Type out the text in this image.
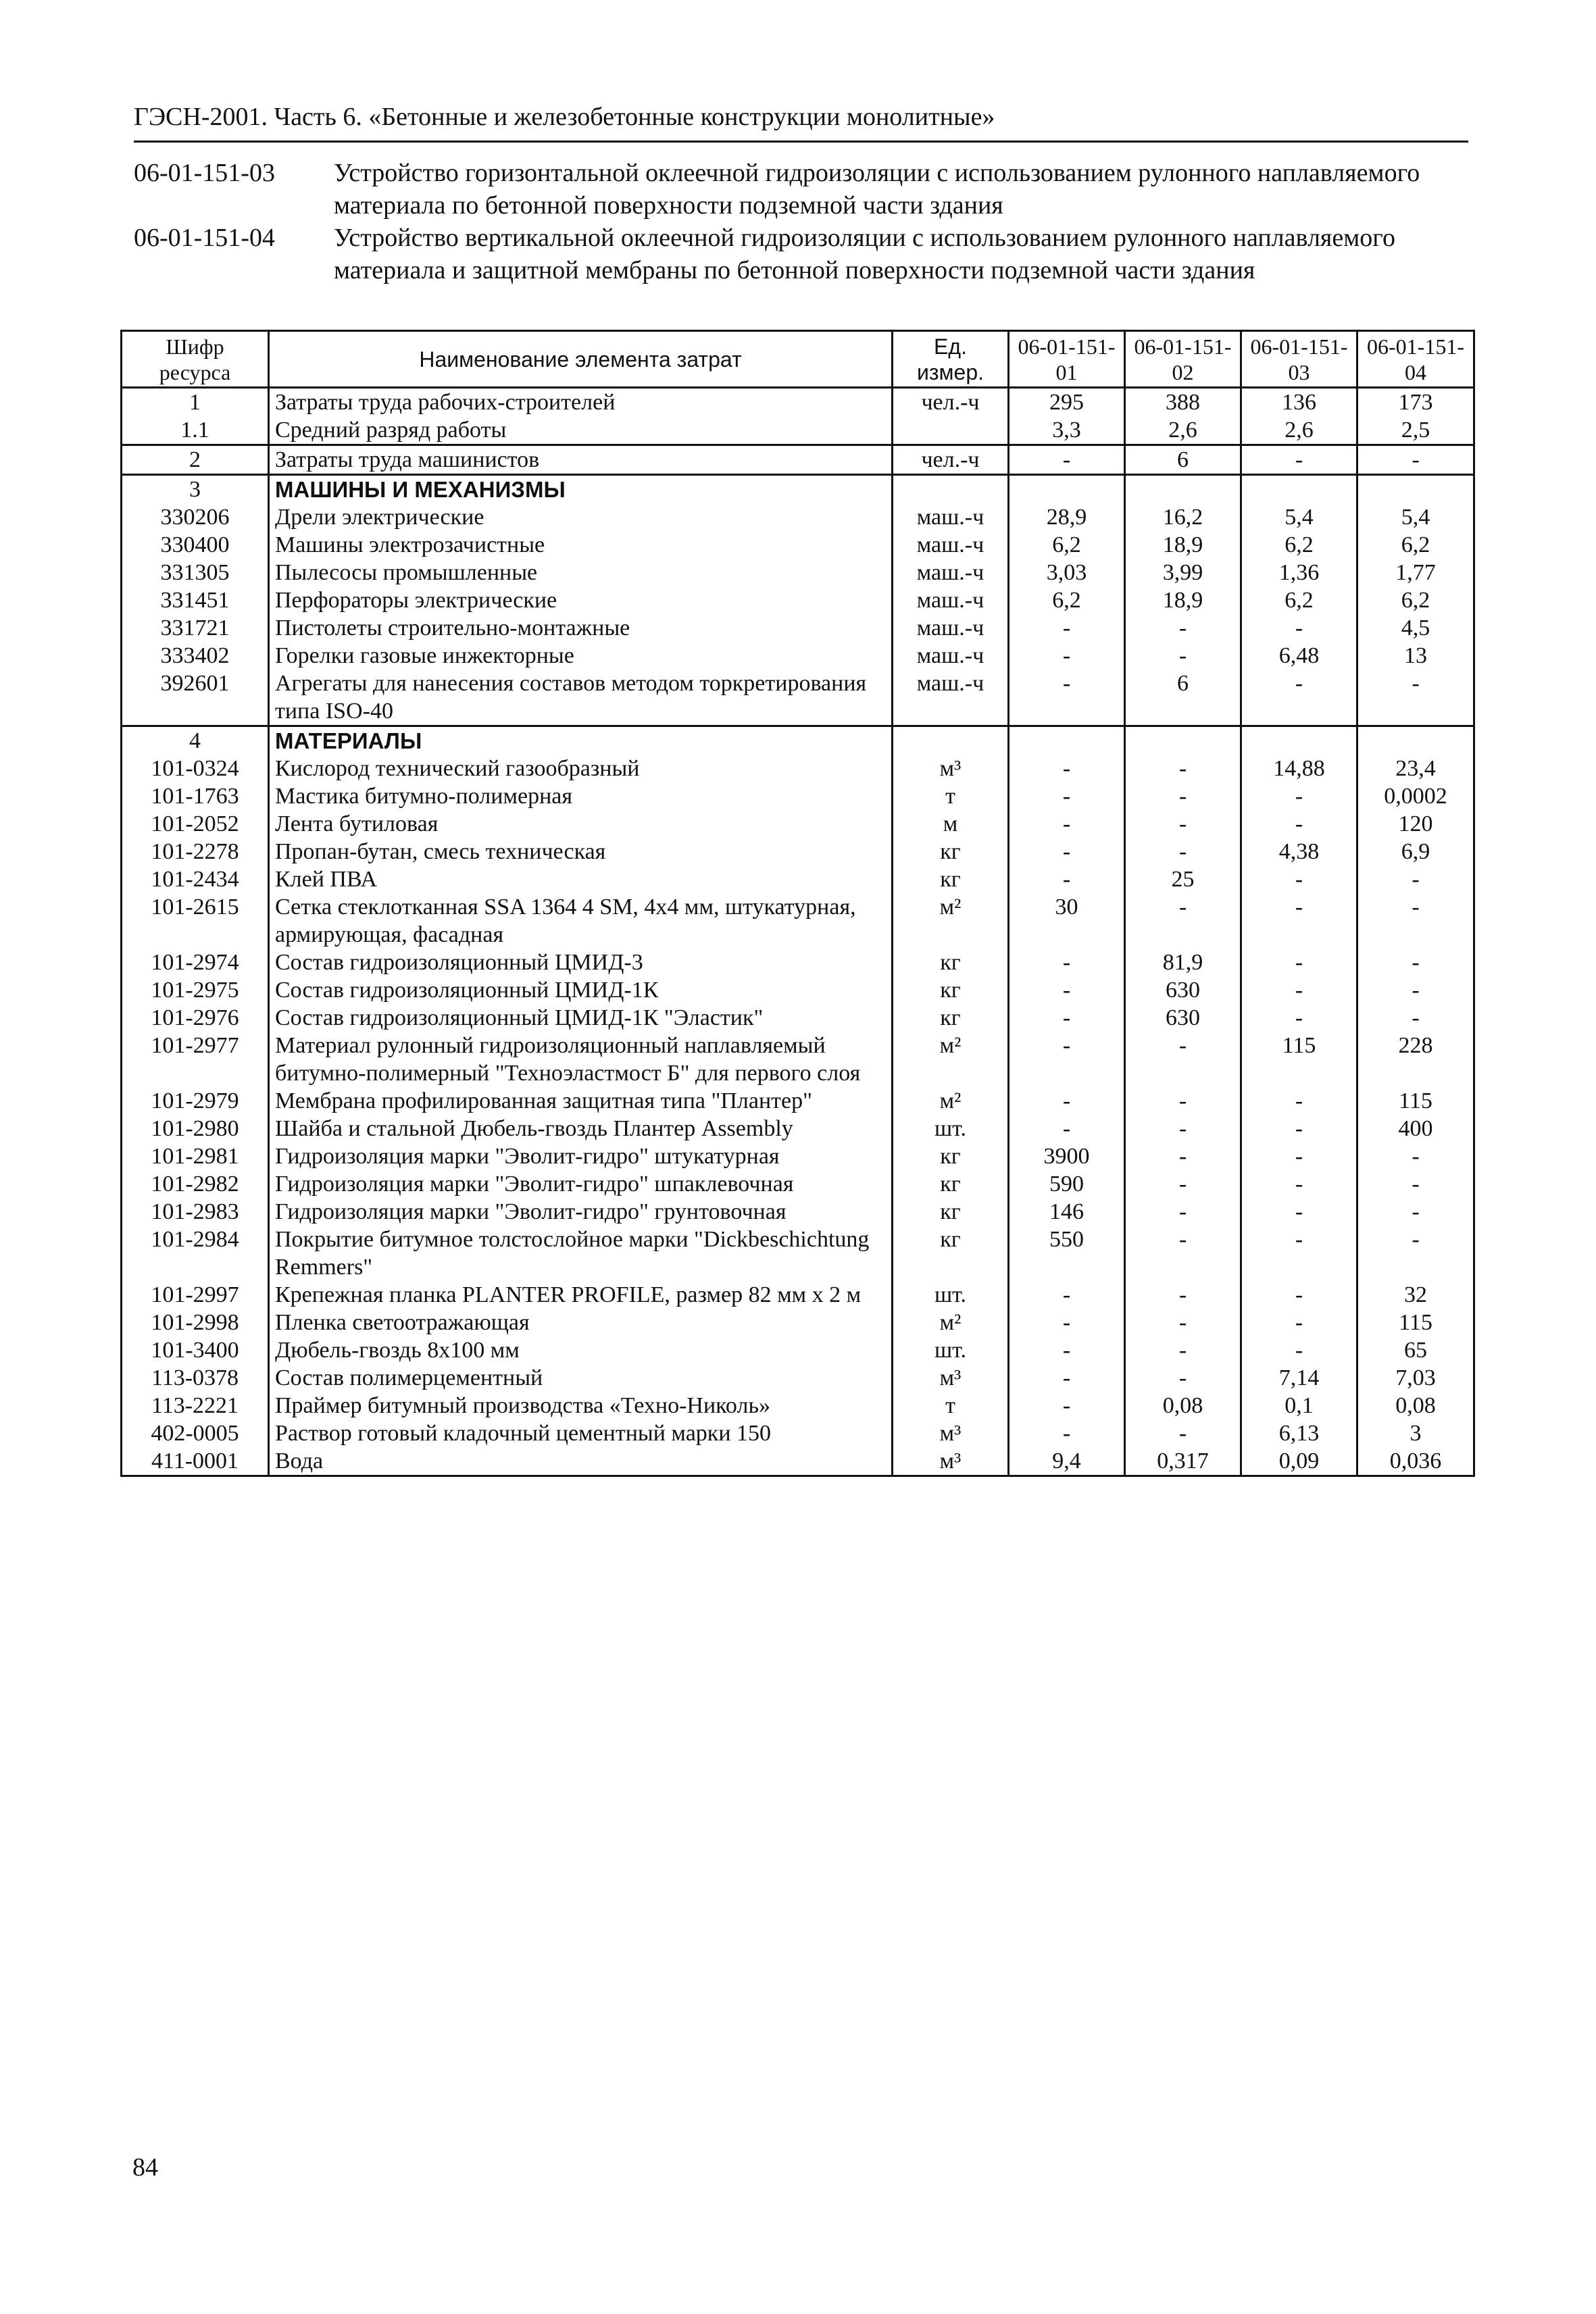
ГЭСН-2001. Часть 6. «Бетонные и железобетонные конструкции монолитные»
06-01-151-03	Устройство горизонтальной оклеечной гидроизоляции с использованием рулонного наплавляемого материала по бетонной поверхности подземной части здания
06-01-151-04	Устройство вертикальной оклеечной гидроизоляции с использованием рулонного наплавляемого материала и защитной мембраны по бетонной поверхности подземной части здания
Шифр ресурса	Наименование элемента затрат	Ед. измер.	06-01-151-01	06-01-151-02	06-01-151-03	06-01-151-04
1	Затраты труда рабочих-строителей	чел.-ч	295	388	136	173
1.1	Средний разряд работы		3,3	2,6	2,6	2,5
2	Затраты труда машинистов	чел.-ч	-	6	-	-
3	МАШИНЫ И МЕХАНИЗМЫ					
330206	Дрели электрические	маш.-ч	28,9	16,2	5,4	5,4
330400	Машины электрозачистные	маш.-ч	6,2	18,9	6,2	6,2
331305	Пылесосы промышленные	маш.-ч	3,03	3,99	1,36	1,77
331451	Перфораторы электрические	маш.-ч	6,2	18,9	6,2	6,2
331721	Пистолеты строительно-монтажные	маш.-ч	-	-	-	4,5
333402	Горелки газовые инжекторные	маш.-ч	-	-	6,48	13
392601	Агрегаты для нанесения составов методом торкретирования типа ISO-40	маш.-ч	-	6	-	-
4	МАТЕРИАЛЫ					
101-0324	Кислород технический газообразный	м³	-	-	14,88	23,4
101-1763	Мастика битумно-полимерная	т	-	-	-	0,0002
101-2052	Лента бутиловая	м	-	-	-	120
101-2278	Пропан-бутан, смесь техническая	кг	-	-	4,38	6,9
101-2434	Клей ПВА	кг	-	25	-	-
101-2615	Сетка стеклотканная SSA 1364 4 SM, 4х4 мм, штукатурная, армирующая, фасадная	м²	30	-	-	-
101-2974	Состав гидроизоляционный ЦМИД-3	кг	-	81,9	-	-
101-2975	Состав гидроизоляционный ЦМИД-1К	кг	-	630	-	-
101-2976	Состав гидроизоляционный ЦМИД-1К "Эластик"	кг	-	630	-	-
101-2977	Материал рулонный гидроизоляционный наплавляемый битумно-полимерный "Техноэластмост Б" для первого слоя	м²	-	-	115	228
101-2979	Мембрана профилированная защитная типа "Плантер"	м²	-	-	-	115
101-2980	Шайба и стальной Дюбель-гвоздь Плантер Assembly	шт.	-	-	-	400
101-2981	Гидроизоляция марки "Эволит-гидро" штукатурная	кг	3900	-	-	-
101-2982	Гидроизоляция марки "Эволит-гидро" шпаклевочная	кг	590	-	-	-
101-2983	Гидроизоляция марки "Эволит-гидро" грунтовочная	кг	146	-	-	-
101-2984	Покрытие битумное толстослойное марки "Dickbeschichtung Remmers"	кг	550	-	-	-
101-2997	Крепежная планка PLANTER PROFILE, размер 82 мм х 2 м	шт.	-	-	-	32
101-2998	Пленка светоотражающая	м²	-	-	-	115
101-3400	Дюбель-гвоздь 8х100 мм	шт.	-	-	-	65
113-0378	Состав полимерцементный	м³	-	-	7,14	7,03
113-2221	Праймер битумный производства «Техно-Николь»	т	-	0,08	0,1	0,08
402-0005	Раствор готовый кладочный цементный марки 150	м³	-	-	6,13	3
411-0001	Вода	м³	9,4	0,317	0,09	0,036
84
